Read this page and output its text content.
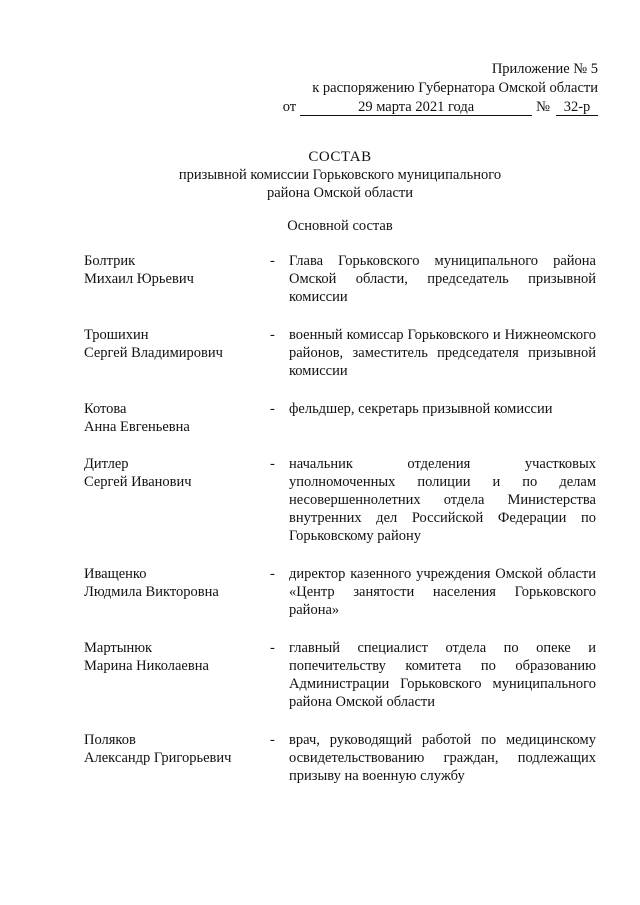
Приложение № 5
к распоряжению Губернатора Омской области
от	29 марта 2021 года	№ 32-р
СОСТАВ
призывной комиссии Горьковского муниципального
района Омской области
Основной состав
Болтрик
Михаил Юрьевич
- Глава Горьковского муниципального района Омской области, председатель призывной комиссии
Трошихин
Сергей Владимирович
- военный комиссар Горьковского и Нижнеомского районов, заместитель председателя призывной комиссии
Котова
Анна Евгеньевна
- фельдшер, секретарь призывной комиссии
Дитлер
Сергей Иванович
- начальник отделения участковых уполномоченных полиции и по делам несовершеннолетних отдела Министерства внутренних дел Российской Федерации по Горьковскому району
Иващенко
Людмила Викторовна
- директор казенного учреждения Омской области «Центр занятости населения Горьковского района»
Мартынюк
Марина Николаевна
- главный специалист отдела по опеке и попечительству комитета по образованию Администрации Горьковского муниципального района Омской области
Поляков
Александр Григорьевич
- врач, руководящий работой по медицинскому освидетельствованию граждан, подлежащих призыву на военную службу
